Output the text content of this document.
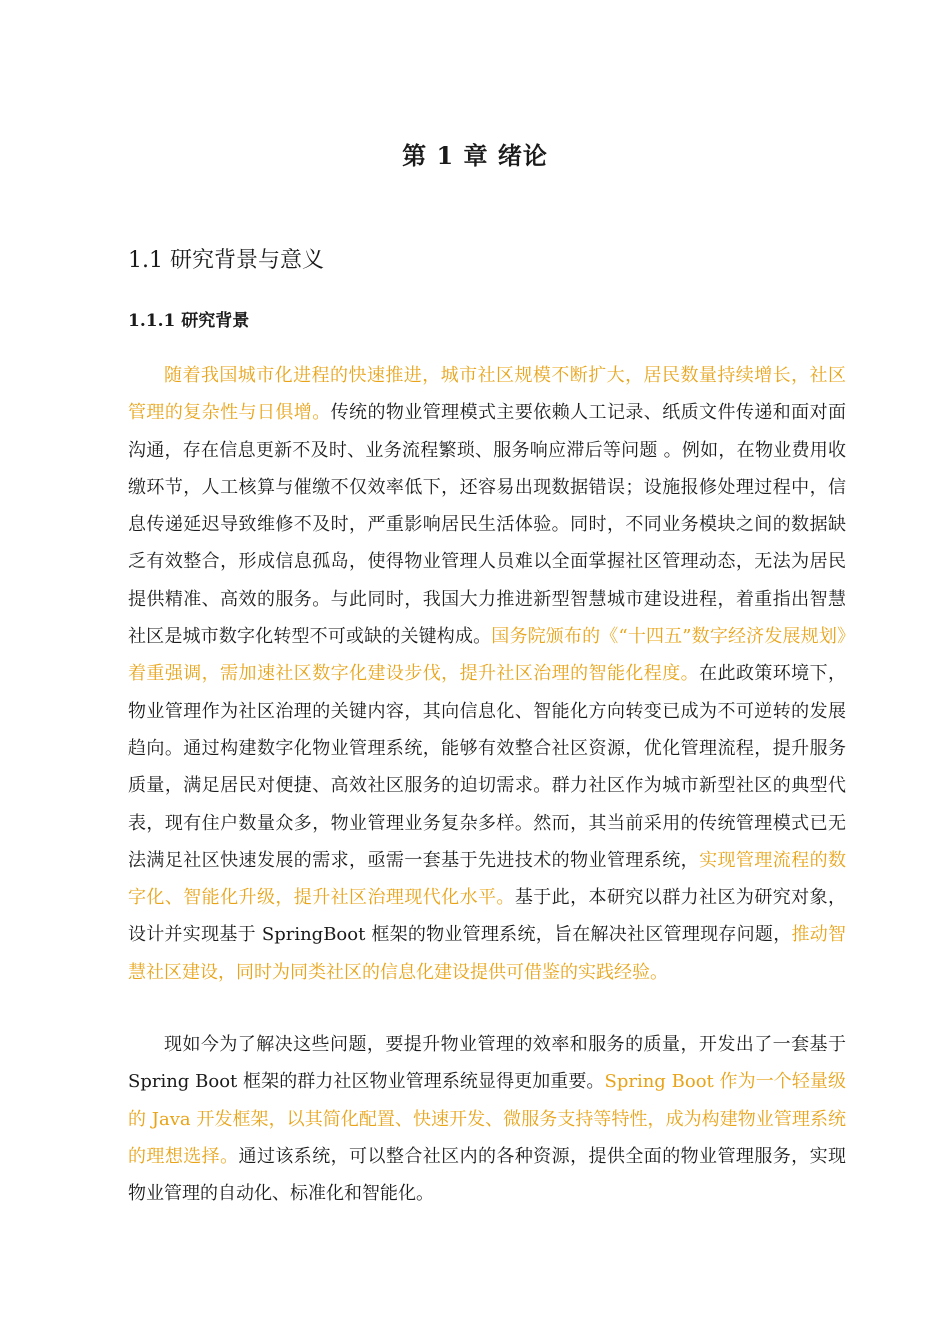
第 1 章 绪论
1.1 研究背景与意义
1.1.1 研究背景

随着我国城市化进程的快速推进，城市社区规模不断扩大，居民数量持续增长，社区管理的复杂性与日俱增。传统的物业管理模式主要依赖人工记录、纸质文件传递和面对面沟通，存在信息更新不及时、业务流程繁琐、服务响应滞后等问题 。例如，在物业费用收缴环节，人工核算与催缴不仅效率低下，还容易出现数据错误；设施报修处理过程中，信息传递延迟导致维修不及时，严重影响居民生活体验。同时，不同业务模块之间的数据缺乏有效整合，形成信息孤岛，使得物业管理人员难以全面掌握社区管理动态，无法为居民提供精准、高效的服务。与此同时，我国大力推进新型智慧城市建设进程，着重指出智慧社区是城市数字化转型不可或缺的关键构成。国务院颁布的《“十四五”数字经济发展规划》着重强调，需加速社区数字化建设步伐，提升社区治理的智能化程度。在此政策环境下，物业管理作为社区治理的关键内容，其向信息化、智能化方向转变已成为不可逆转的发展趋向。通过构建数字化物业管理系统，能够有效整合社区资源，优化管理流程，提升服务质量，满足居民对便捷、高效社区服务的迫切需求。群力社区作为城市新型社区的典型代表，现有住户数量众多，物业管理业务复杂多样。然而，其当前采用的传统管理模式已无法满足社区快速发展的需求，亟需一套基于先进技术的物业管理系统，实现管理流程的数字化、智能化升级，提升社区治理现代化水平。基于此，本研究以群力社区为研究对象，设计并实现基于 SpringBoot 框架的物业管理系统，旨在解决社区管理现存问题，推动智慧社区建设，同时为同类社区的信息化建设提供可借鉴的实践经验。

现如今为了解决这些问题，要提升物业管理的效率和服务的质量，开发出了一套基于 Spring Boot 框架的群力社区物业管理系统显得更加重要。Spring Boot 作为一个轻量级的 Java 开发框架，以其简化配置、快速开发、微服务支持等特性，成为构建物业管理系统的理想选择。通过该系统，可以整合社区内的各种资源，提供全面的物业管理服务，实现物业管理的自动化、标准化和智能化。
